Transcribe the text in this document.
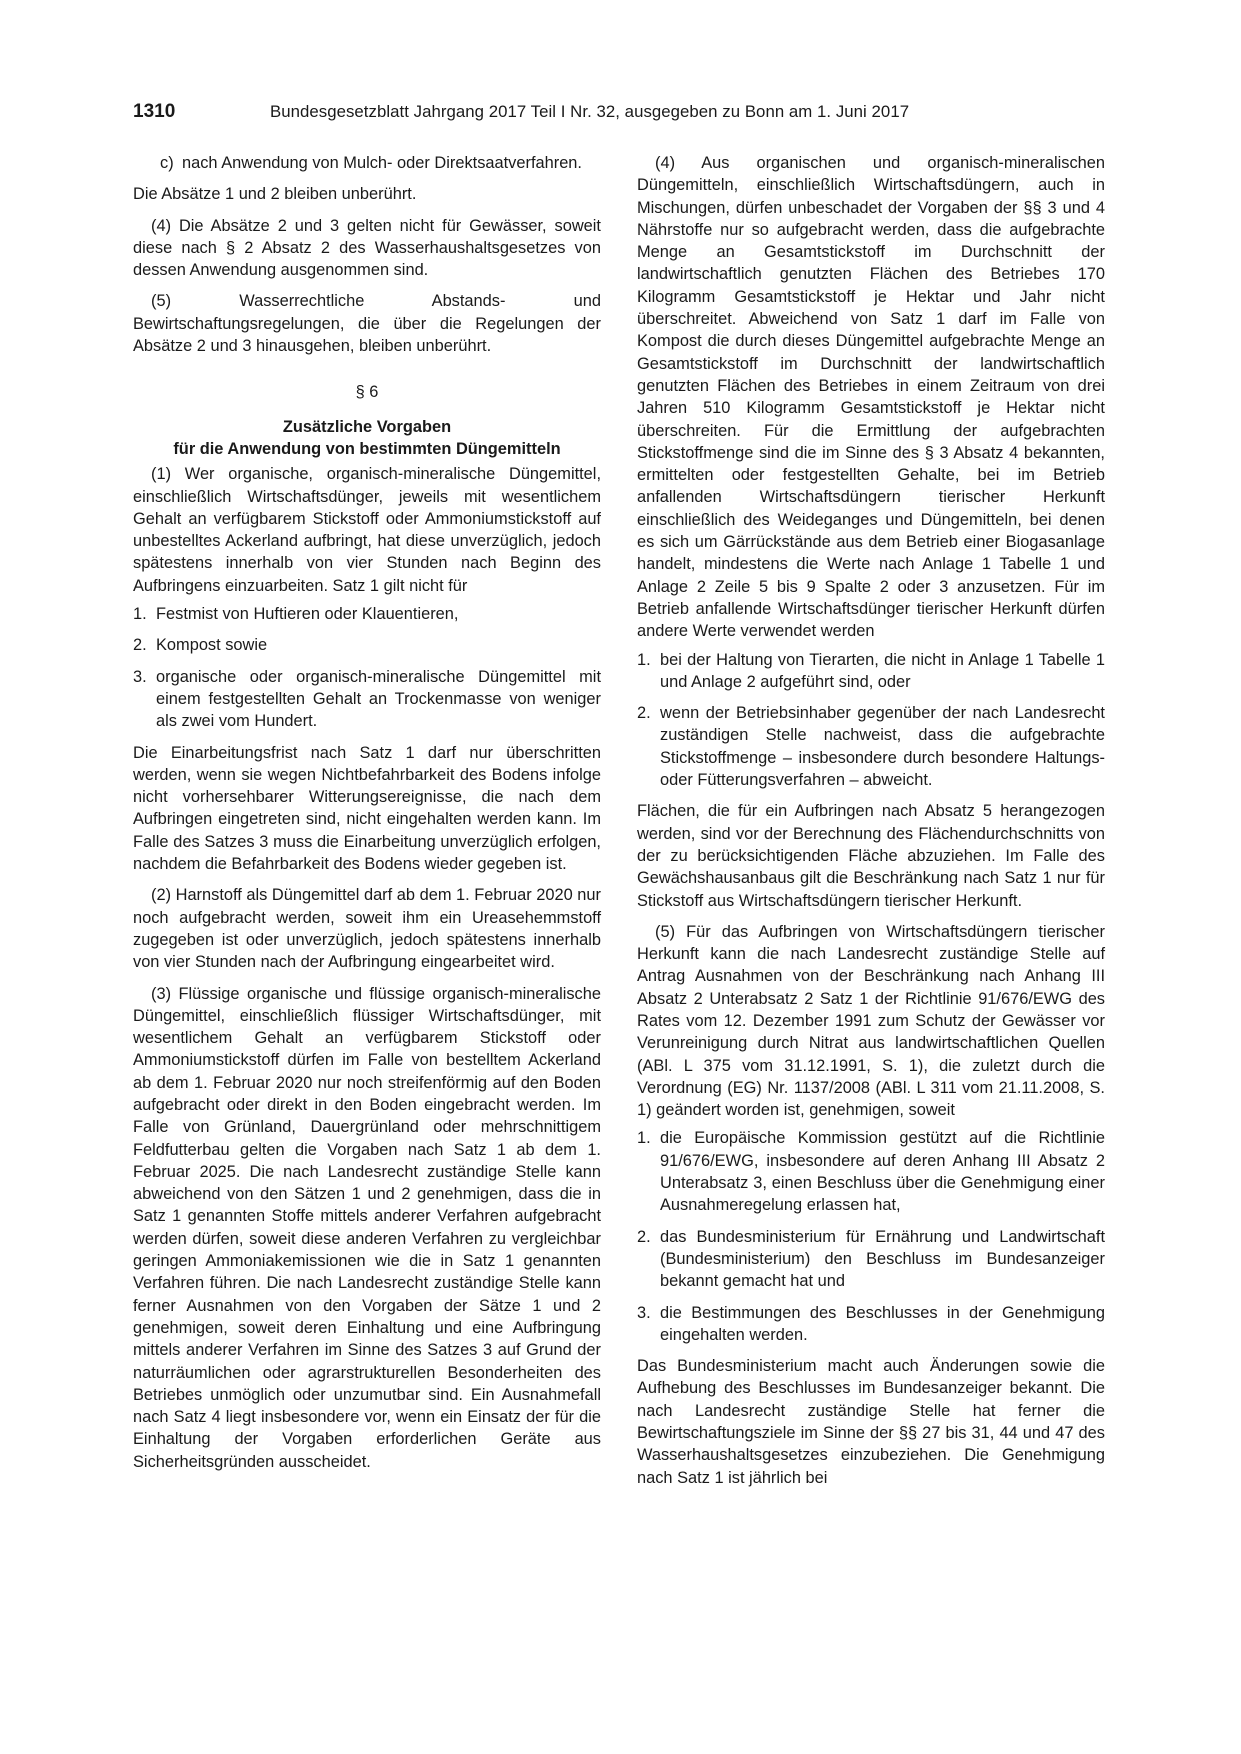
1310	Bundesgesetzblatt Jahrgang 2017 Teil I Nr. 32, ausgegeben zu Bonn am 1. Juni 2017
c) nach Anwendung von Mulch- oder Direktsaatverfahren.

Die Absätze 1 und 2 bleiben unberührt.

(4) Die Absätze 2 und 3 gelten nicht für Gewässer, soweit diese nach § 2 Absatz 2 des Wasserhaushaltsgesetzes von dessen Anwendung ausgenommen sind.

(5) Wasserrechtliche Abstands- und Bewirtschaftungsregelungen, die über die Regelungen der Absätze 2 und 3 hinausgehen, bleiben unberührt.

§ 6
Zusätzliche Vorgaben
für die Anwendung von bestimmten Düngemitteln

(1) Wer organische, organisch-mineralische Düngemittel, einschließlich Wirtschaftsdünger, jeweils mit wesentlichem Gehalt an verfügbarem Stickstoff oder Ammoniumstickstoff auf unbestelltes Ackerland aufbringt, hat diese unverzüglich, jedoch spätestens innerhalb von vier Stunden nach Beginn des Aufbringens einzuarbeiten. Satz 1 gilt nicht für

1. Festmist von Huftieren oder Klauentieren,
2. Kompost sowie
3. organische oder organisch-mineralische Düngemittel mit einem festgestellten Gehalt an Trockenmasse von weniger als zwei vom Hundert.

Die Einarbeitungsfrist nach Satz 1 darf nur überschritten werden, wenn sie wegen Nichtbefahrbarkeit des Bodens infolge nicht vorhersehbarer Witterungsereignisse, die nach dem Aufbringen eingetreten sind, nicht eingehalten werden kann. Im Falle des Satzes 3 muss die Einarbeitung unverzüglich erfolgen, nachdem die Befahrbarkeit des Bodens wieder gegeben ist.

(2) Harnstoff als Düngemittel darf ab dem 1. Februar 2020 nur noch aufgebracht werden, soweit ihm ein Ureasehemmstoff zugegeben ist oder unverzüglich, jedoch spätestens innerhalb von vier Stunden nach der Aufbringung eingearbeitet wird.

(3) Flüssige organische und flüssige organisch-mineralische Düngemittel, einschließlich flüssiger Wirtschaftsdünger, mit wesentlichem Gehalt an verfügbarem Stickstoff oder Ammoniumstickstoff dürfen im Falle von bestelltem Ackerland ab dem 1. Februar 2020 nur noch streifenförmig auf den Boden aufgebracht oder direkt in den Boden eingebracht werden. Im Falle von Grünland, Dauergrünland oder mehrschnittigem Feldfutterbau gelten die Vorgaben nach Satz 1 ab dem 1. Februar 2025. Die nach Landesrecht zuständige Stelle kann abweichend von den Sätzen 1 und 2 genehmigen, dass die in Satz 1 genannten Stoffe mittels anderer Verfahren aufgebracht werden dürfen, soweit diese anderen Verfahren zu vergleichbar geringen Ammoniakemissionen wie die in Satz 1 genannten Verfahren führen. Die nach Landesrecht zuständige Stelle kann ferner Ausnahmen von den Vorgaben der Sätze 1 und 2 genehmigen, soweit deren Einhaltung und eine Aufbringung mittels anderer Verfahren im Sinne des Satzes 3 auf Grund der naturräumlichen oder agrarstrukturellen Besonderheiten des Betriebes unmöglich oder unzumutbar sind. Ein Ausnahmefall nach Satz 4 liegt insbesondere vor, wenn ein Einsatz der für die Einhaltung der Vorgaben erforderlichen Geräte aus Sicherheitsgründen ausscheidet.

(4) Aus organischen und organisch-mineralischen Düngemitteln, einschließlich Wirtschaftsdüngern, auch in Mischungen, dürfen unbeschadet der Vorgaben der §§ 3 und 4 Nährstoffe nur so aufgebracht werden, dass die aufgebrachte Menge an Gesamtstickstoff im Durchschnitt der landwirtschaftlich genutzten Flächen des Betriebes 170 Kilogramm Gesamtstickstoff je Hektar und Jahr nicht überschreitet. Abweichend von Satz 1 darf im Falle von Kompost die durch dieses Düngemittel aufgebrachte Menge an Gesamtstickstoff im Durchschnitt der landwirtschaftlich genutzten Flächen des Betriebes in einem Zeitraum von drei Jahren 510 Kilogramm Gesamtstickstoff je Hektar nicht überschreiten. Für die Ermittlung der aufgebrachten Stickstoffmenge sind die im Sinne des § 3 Absatz 4 bekannten, ermittelten oder festgestellten Gehalte, bei im Betrieb anfallenden Wirtschaftsdüngern tierischer Herkunft einschließlich des Weideganges und Düngemitteln, bei denen es sich um Gärrückstände aus dem Betrieb einer Biogasanlage handelt, mindestens die Werte nach Anlage 1 Tabelle 1 und Anlage 2 Zeile 5 bis 9 Spalte 2 oder 3 anzusetzen. Für im Betrieb anfallende Wirtschaftsdünger tierischer Herkunft dürfen andere Werte verwendet werden

1. bei der Haltung von Tierarten, die nicht in Anlage 1 Tabelle 1 und Anlage 2 aufgeführt sind, oder
2. wenn der Betriebsinhaber gegenüber der nach Landesrecht zuständigen Stelle nachweist, dass die aufgebrachte Stickstoffmenge – insbesondere durch besondere Haltungs- oder Fütterungsverfahren – abweicht.

Flächen, die für ein Aufbringen nach Absatz 5 herangezogen werden, sind vor der Berechnung des Flächendurchschnitts von der zu berücksichtigenden Fläche abzuziehen. Im Falle des Gewächshausanbaus gilt die Beschränkung nach Satz 1 nur für Stickstoff aus Wirtschaftsdüngern tierischer Herkunft.

(5) Für das Aufbringen von Wirtschaftsdüngern tierischer Herkunft kann die nach Landesrecht zuständige Stelle auf Antrag Ausnahmen von der Beschränkung nach Anhang III Absatz 2 Unterabsatz 2 Satz 1 der Richtlinie 91/676/EWG des Rates vom 12. Dezember 1991 zum Schutz der Gewässer vor Verunreinigung durch Nitrat aus landwirtschaftlichen Quellen (ABl. L 375 vom 31.12.1991, S. 1), die zuletzt durch die Verordnung (EG) Nr. 1137/2008 (ABl. L 311 vom 21.11.2008, S. 1) geändert worden ist, genehmigen, soweit

1. die Europäische Kommission gestützt auf die Richtlinie 91/676/EWG, insbesondere auf deren Anhang III Absatz 2 Unterabsatz 3, einen Beschluss über die Genehmigung einer Ausnahmeregelung erlassen hat,
2. das Bundesministerium für Ernährung und Landwirtschaft (Bundesministerium) den Beschluss im Bundesanzeiger bekannt gemacht hat und
3. die Bestimmungen des Beschlusses in der Genehmigung eingehalten werden.

Das Bundesministerium macht auch Änderungen sowie die Aufhebung des Beschlusses im Bundesanzeiger bekannt. Die nach Landesrecht zuständige Stelle hat ferner die Bewirtschaftungsziele im Sinne der §§ 27 bis 31, 44 und 47 des Wasserhaushaltsgesetzes einzubeziehen. Die Genehmigung nach Satz 1 ist jährlich bei
